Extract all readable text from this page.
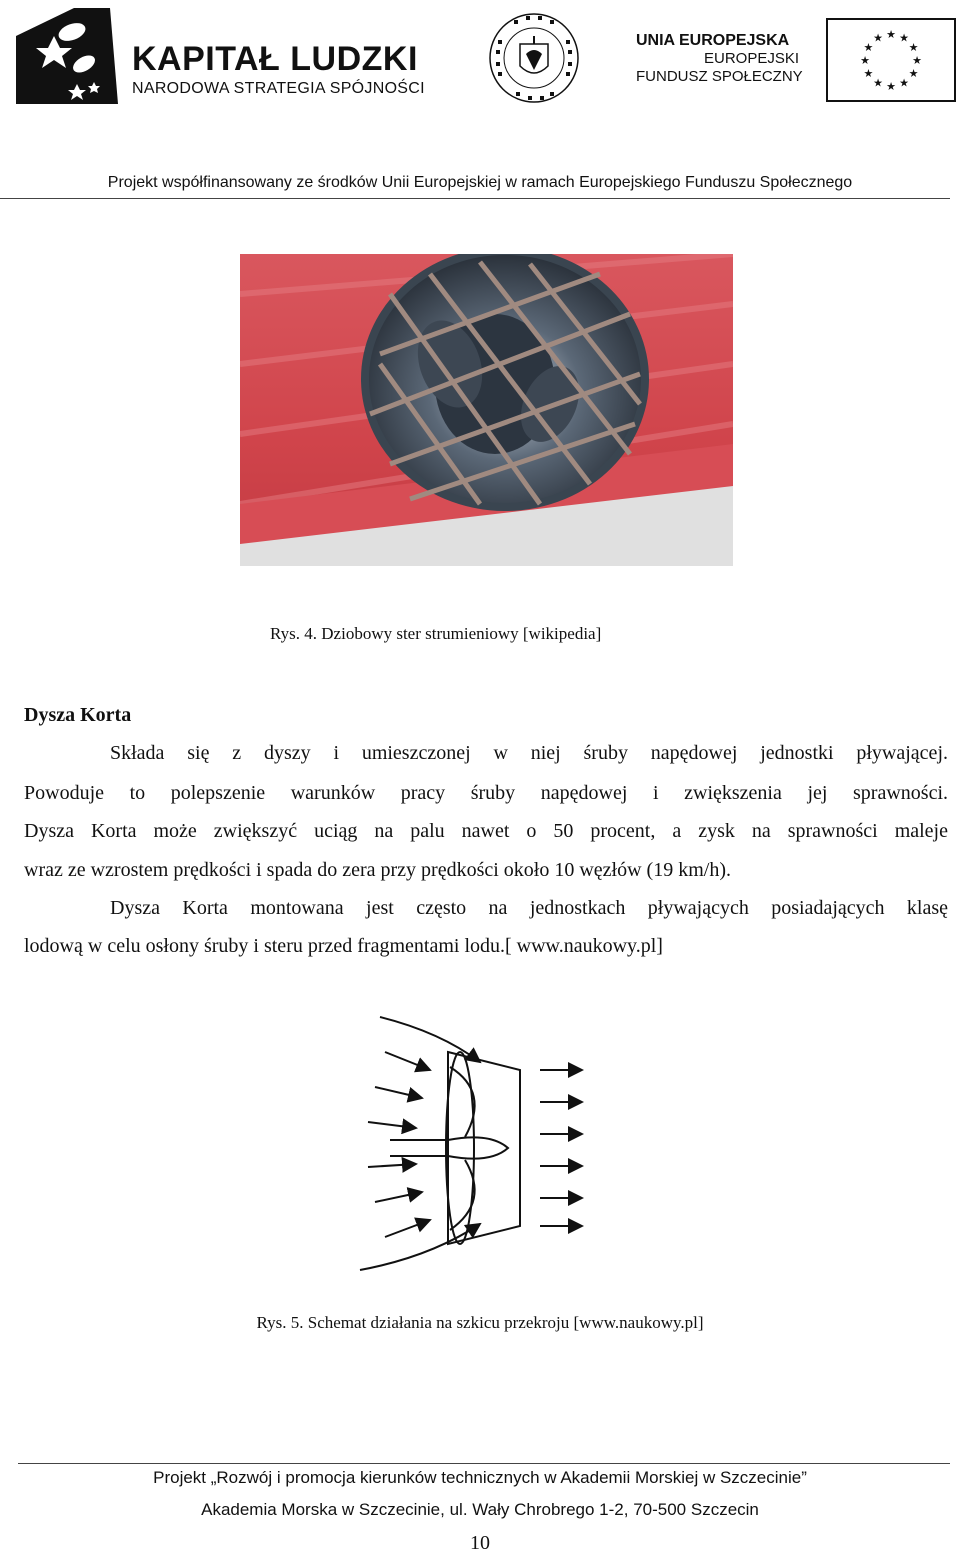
KAPITAŁ LUDZKI
NARODOWA STRATEGIA SPÓJNOŚCI
UNIA EUROPEJSKA
EUROPEJSKI
FUNDUSZ SPOŁECZNY
★ ★
★
★
★
★
★
★
★
★
★
★
Projekt współfinansowany ze środków Unii Europejskiej w ramach Europejskiego Funduszu Społecznego
Rys. 4. Dziobowy ster strumieniowy [wikipedia]
Dysza Korta
Składa się z dyszy i umieszczonej w niej śruby napędowej jednostki pływającej.
Powoduje to polepszenie warunków pracy śruby napędowej i zwiększenia jej sprawności.
Dysza Korta może zwiększyć uciąg na palu nawet o 50 procent, a zysk na sprawności maleje
wraz ze wzrostem prędkości i spada do zera przy prędkości około 10 węzłów (19 km/h).
Dysza Korta montowana jest często na jednostkach pływających posiadających klasę
lodową w celu osłony śruby i steru przed fragmentami lodu.[ www.naukowy.pl]
Rys. 5. Schemat działania na szkicu przekroju [www.naukowy.pl]
Projekt „Rozwój i promocja kierunków technicznych w Akademii Morskiej w Szczecinie”
Akademia Morska w Szczecinie, ul. Wały Chrobrego 1-2, 70-500 Szczecin
10
